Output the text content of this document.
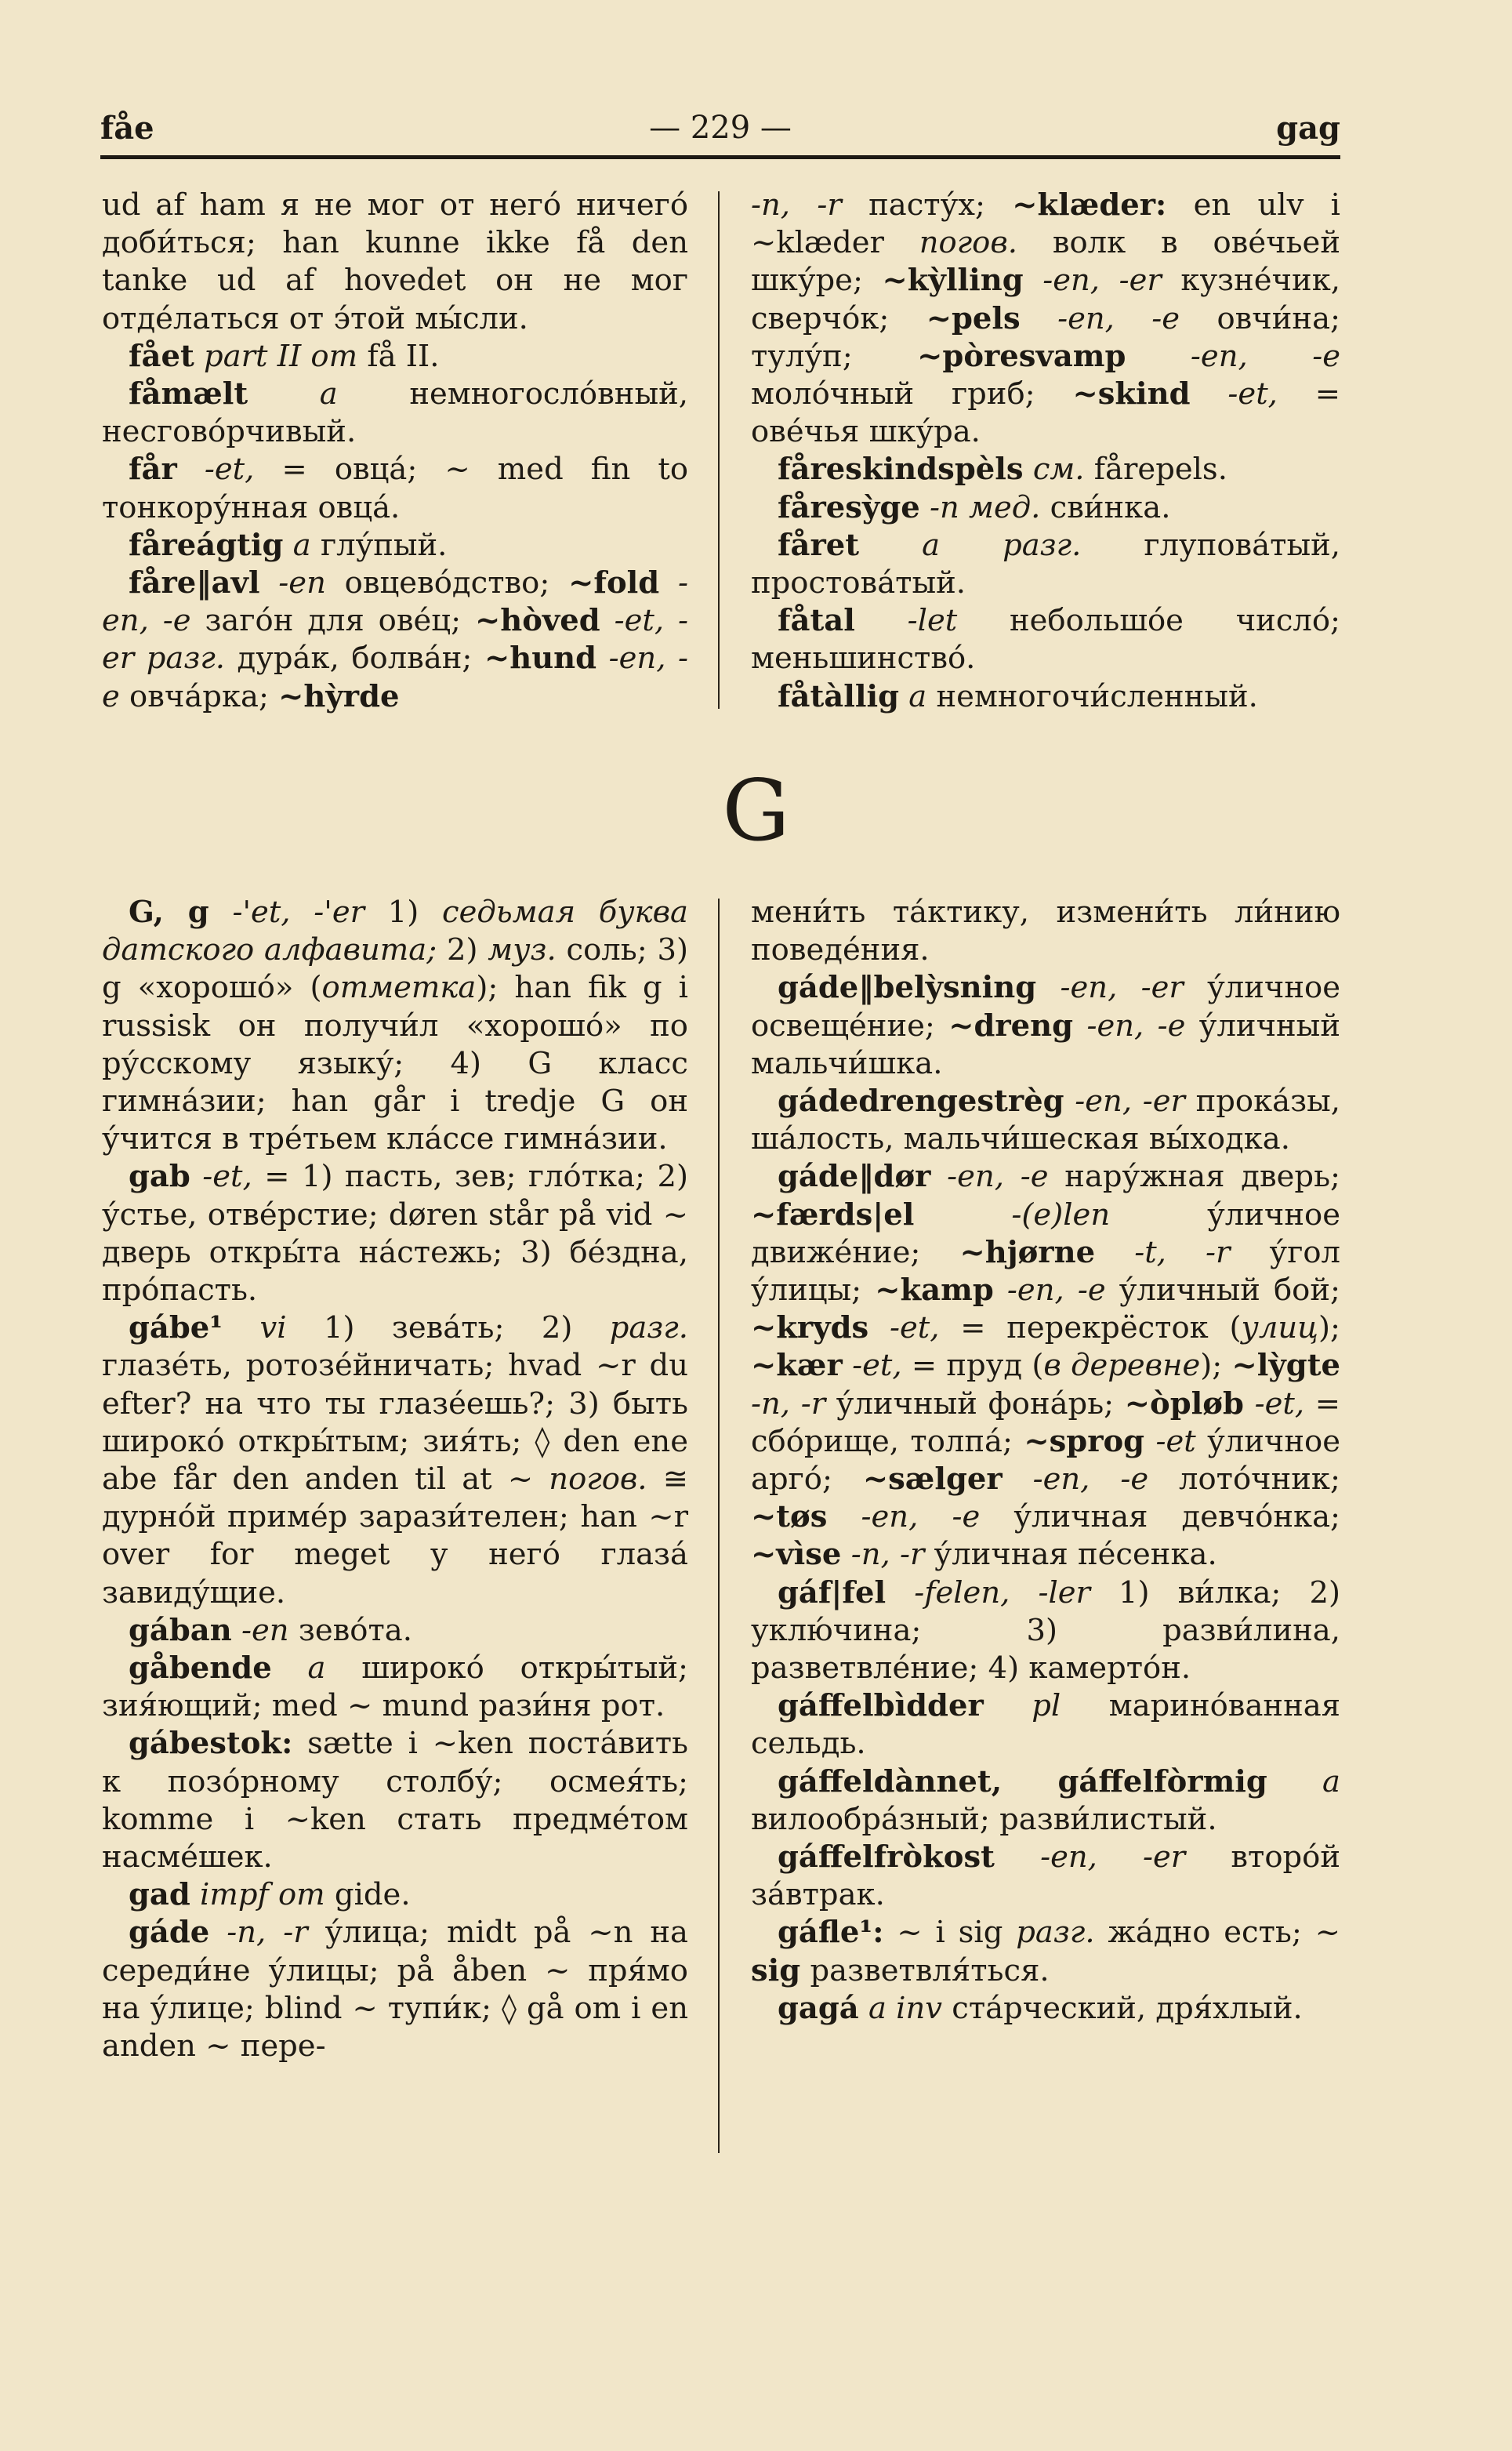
fåe	— 229 —	gag

ud af ham я не мог от него́ ничего́ доби́ться; han kunne ikke få den tanke ud af hovedet он не мог отде́латься от э́той мы́сли.

fået part II om få II.

fåmælt a немногосло́вный, несгово́рчивый.

får -et, = овца́; ~ med fin to тонкору́нная овца́.

fåreágtig a глу́пый.

fåre‖avl -en овцево́дство; ~fold -en, -e заго́н для ове́ц; ~hòved -et, -er разг. дура́к, болва́н; ~hund -en, -e овча́рка; ~hỳrde

-n, -r пасту́х; ~klæder: en ulv i ~klæder погов. волк в ове́чьей шку́ре; ~kỳlling -en, -er кузне́чик, сверчо́к; ~pels -en, -e овчи́на; тулу́п; ~pòresvamp -en, -e моло́чный гриб; ~skind -et, = ове́чья шку́ра.

fåreskindspèls см. fårepels.

fåresỳge -n мед. сви́нка.

fåret a разг. глупова́тый, простова́тый.

fåtal -let небольшо́е число́; меньшинство́.

fåtàllig a немногочи́сленный.

G

G, g -'et, -'er 1) седьмая буква датского алфавита; 2) муз. соль; 3) g «хорошо́» (отметка); han fik g i russisk он получи́л «хорошо́» по ру́сскому языку́; 4) G класс гимна́зии; han går i tredje G он у́чится в тре́тьем кла́ссе гимна́зии.

gab -et, = 1) пасть, зев; гло́тка; 2) у́стье, отве́рстие; døren står på vid ~ дверь откры́та на́стежь; 3) бе́здна, про́пасть.

gábe¹ vi 1) зева́ть; 2) разг. глазе́ть, ротозе́йничать; hvad ~r du efter? на что ты глазе́ешь?; 3) быть широко́ откры́тым; зия́ть; ◊ den ene abe får den anden til at ~ погов. ≅ дурно́й приме́р зарази́телен; han ~r over for meget у него́ глаза́ завиду́щие.

gában -en зево́та.

gåbende a широко́ откры́тый; зия́ющий; med ~ mund рази́ня рот.

gábestok: sætte i ~ken поста́вить к позо́рному столбу́; осмея́ть; komme i ~ken стать предме́том насме́шек.

gad impf om gide.

gáde -n, -r у́лица; midt på ~n на середи́не у́лицы; på åben ~ пря́мо на у́лице; blind ~ тупи́к; ◊ gå om i en anden ~ пере-

мени́ть та́ктику, измени́ть ли́нию поведе́ния.

gáde‖belỳsning -en, -er у́личное освеще́ние; ~dreng -en, -e у́личный мальчи́шка.

gádedrengestrèg -en, -er прока́зы, ша́лость, мальчи́шеская вы́ходка.

gáde‖dør -en, -e нару́жная дверь; ~færds|el	-(e)len у́личное движе́ние; ~hjørne -t, -r у́гол у́лицы; ~kamp -en, -e у́личный бой; ~kryds -et, = перекрёсток (улиц); ~kær -et, = пруд (в деревне); ~lỳgte -n, -r у́личный фона́рь; ~òpløb -et, = сбо́рище, толпа́; ~sprog -et у́личное арго́; ~sælger -en, -e лото́чник; ~tøs -en, -e у́личная девчо́нка; ~vìse -n, -r у́личная пе́сенка.

gáf|fel -felen, -ler 1) ви́лка; 2) уклю́чина; 3) разви́лина, разветвле́ние; 4) камерто́н.

gáffelbìdder pl марино́ванная сельдь.

gáffeldànnet, gáffelfòrmig a вилообра́зный; разви́листый.

gáffelfròkost -en, -er второ́й за́втрак.

gáfle¹: ~ i sig разг. жа́дно есть; ~ sig разветвля́ться.

gagá a inv ста́рческий, дря́хлый.
